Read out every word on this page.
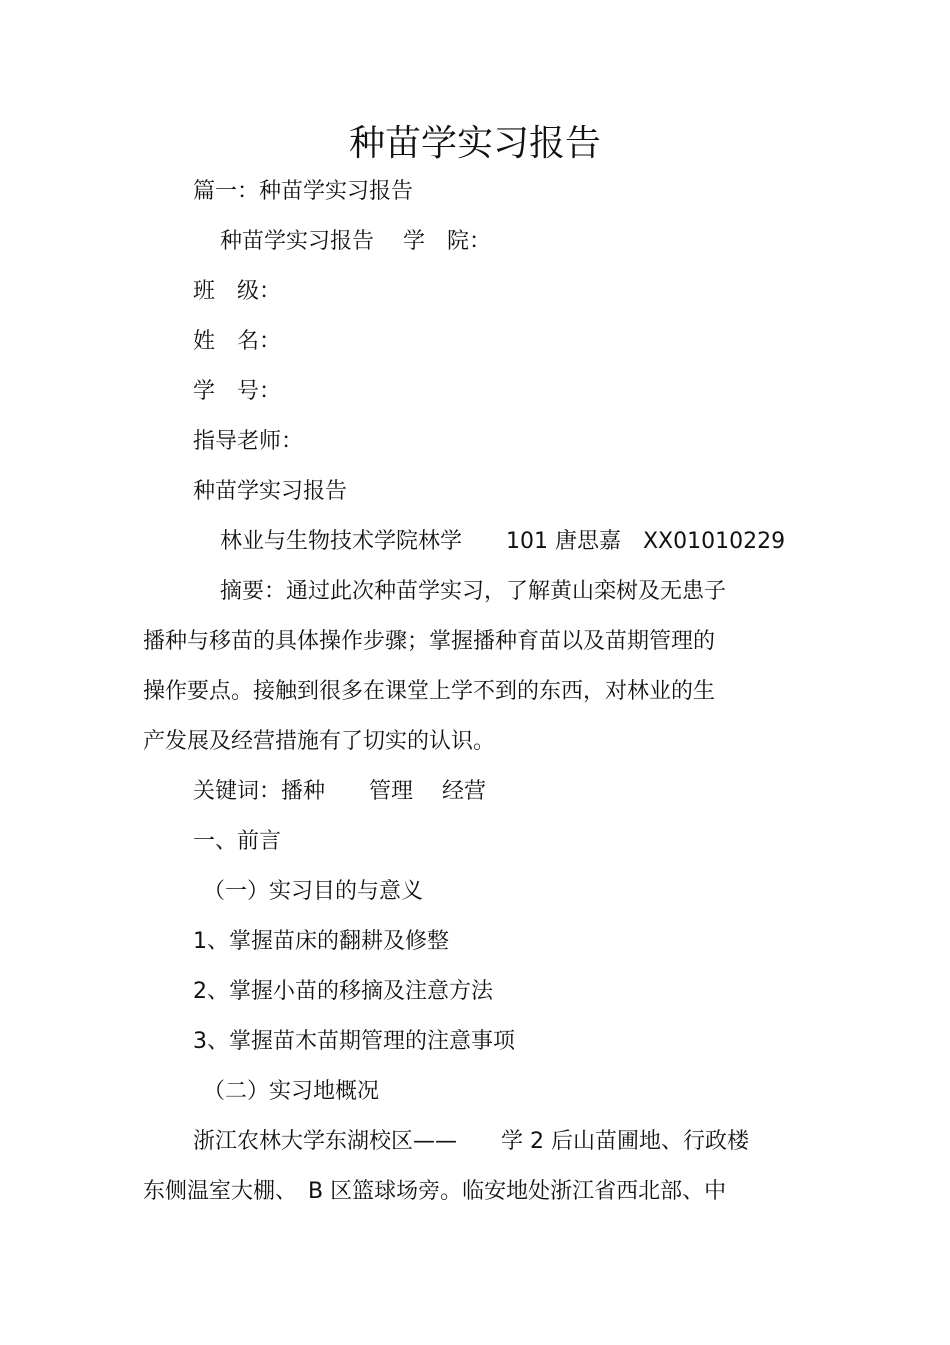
种苗学实习报告

篇一：种苗学实习报告

种苗学实习报告　 学　院：

班　级：

姓　名：

学　号：

指导老师：

种苗学实习报告

林业与生物技术学院林学　　101 唐思嘉　XX01010229

摘要：通过此次种苗学实习，了解黄山栾树及无患子

播种与移苗的具体操作步骤；掌握播种育苗以及苗期管理的

操作要点。接触到很多在课堂上学不到的东西，对林业的生

产发展及经营措施有了切实的认识。

关键词：播种　　管理　 经营

一、前言

（一）实习目的与意义

1、掌握苗床的翻耕及修整

2、掌握小苗的移摘及注意方法

3、掌握苗木苗期管理的注意事项

（二）实习地概况

浙江农林大学东湖校区——　　学 2 后山苗圃地、行政楼

东侧温室大棚、　B 区篮球场旁。临安地处浙江省西北部、中
